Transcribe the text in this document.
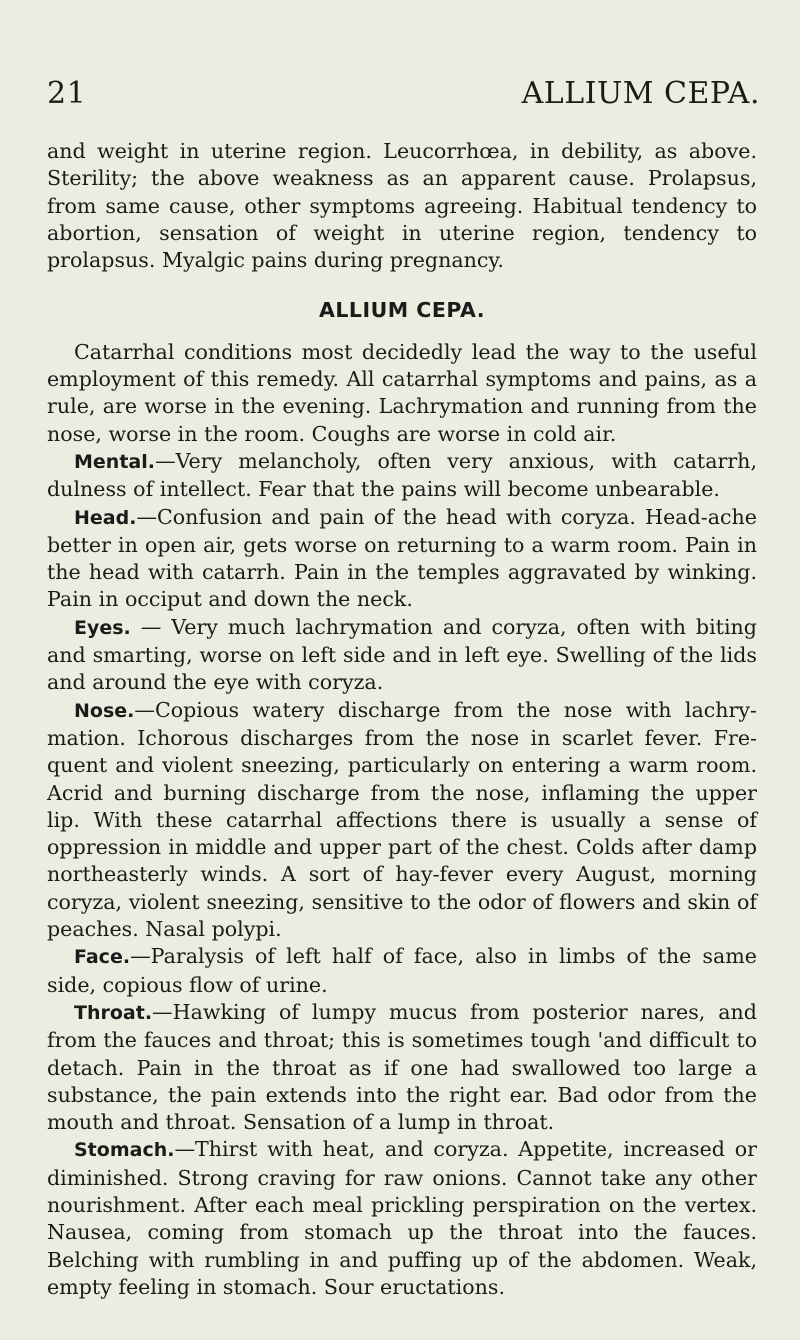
21	ALLIUM CEPA.

and weight in uterine region. Leucorrhœa, in debility, as above. Sterility; the above weakness as an apparent cause. Prolapsus, from same cause, other symptoms agreeing. Habitual tendency to abortion, sensation of weight in uterine region, tendency to prolapsus. Myalgic pains during pregnancy.

ALLIUM CEPA.

Catarrhal conditions most decidedly lead the way to the useful employment of this remedy. All catarrhal symptoms and pains, as a rule, are worse in the evening. Lachrymation and running from the nose, worse in the room. Coughs are worse in cold air.

Mental.—Very melancholy, often very anxious, with catarrh, dulness of intellect. Fear that the pains will become unbearable.

Head.—Confusion and pain of the head with coryza. Head-ache better in open air, gets worse on returning to a warm room. Pain in the head with catarrh. Pain in the temples aggravated by winking. Pain in occiput and down the neck.

Eyes. — Very much lachrymation and coryza, often with biting and smarting, worse on left side and in left eye. Swelling of the lids and around the eye with coryza.

Nose.—Copious watery discharge from the nose with lachry-mation. Ichorous discharges from the nose in scarlet fever. Fre-quent and violent sneezing, particularly on entering a warm room. Acrid and burning discharge from the nose, inflaming the upper lip. With these catarrhal affections there is usually a sense of oppression in middle and upper part of the chest. Colds after damp northeasterly winds. A sort of hay-fever every August, morning coryza, violent sneezing, sensitive to the odor of flowers and skin of peaches. Nasal polypi.

Face.—Paralysis of left half of face, also in limbs of the same side, copious flow of urine.

Throat.—Hawking of lumpy mucus from posterior nares, and from the fauces and throat; this is sometimes tough 'and difficult to detach. Pain in the throat as if one had swallowed too large a substance, the pain extends into the right ear. Bad odor from the mouth and throat. Sensation of a lump in throat.

Stomach.—Thirst with heat, and coryza. Appetite, increased or diminished. Strong craving for raw onions. Cannot take any other nourishment. After each meal prickling perspiration on the vertex. Nausea, coming from stomach up the throat into the fauces. Belching with rumbling in and puffing up of the abdomen. Weak, empty feeling in stomach. Sour eructations.
